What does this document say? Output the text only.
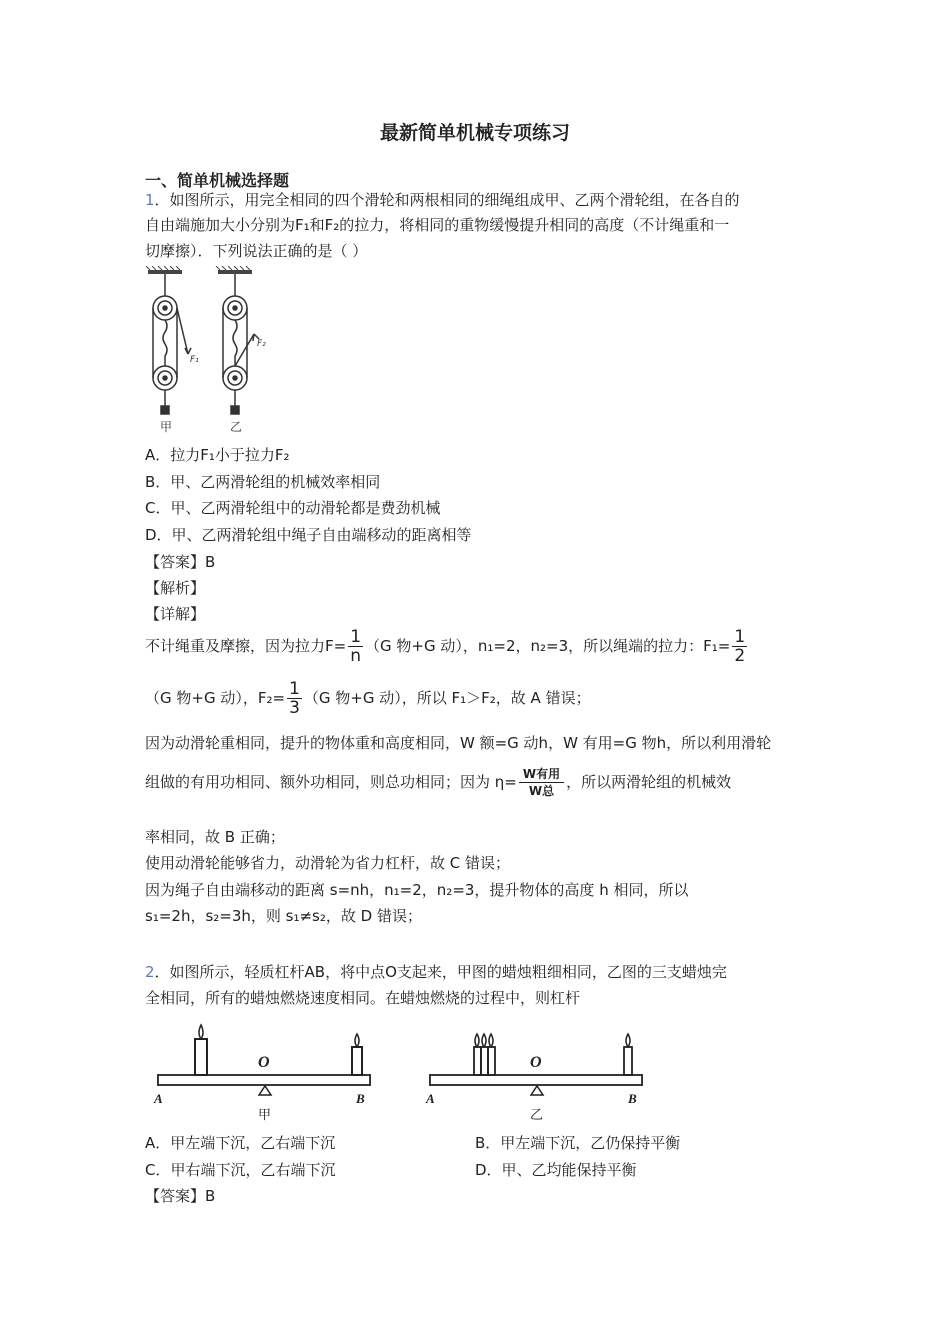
最新简单机械专项练习
一、简单机械选择题
1．如图所示，用完全相同的四个滑轮和两根相同的细绳组成甲、乙两个滑轮组，在各自的
自由端施加大小分别为F₁和F₂的拉力，将相同的重物缓慢提升相同的高度（不计绳重和一
切摩擦）．下列说法正确的是（ ）
F₁
F₂
甲	乙
A．拉力F₁小于拉力F₂
B．甲、乙两滑轮组的机械效率相同
C．甲、乙两滑轮组中的动滑轮都是费劲机械
D．甲、乙两滑轮组中绳子自由端移动的距离相等
【答案】B
【解析】
【详解】
不计绳重及摩擦，因为拉力$F= \frac{1}{n} (G$ 物+G 动），n₁=2，n₂=3，所以绳端的拉力：$F_1= \frac{1}{2}$
（G 物+G 动），$F_2= \frac{1}{3} (G$ 物+G 动），所以 F₁＞F₂，故 A 错误；
因为动滑轮重相同，提升的物体重和高度相同，W 额=G 动h，W 有用=G 物h，所以利用滑轮
组做的有用功相同、额外功相同，则总功相同；因为 η= W有用
W总 ，所以两滑轮组的机械效
率相同，故 B 正确；
使用动滑轮能够省力，动滑轮为省力杠杆，故 C 错误；
因为绳子自由端移动的距离 s=nh，n₁=2，n₂=3，提升物体的高度 h 相同，所以
s₁=2h，s₂=3h，则 s₁≠s₂，故 D 错误；
2．如图所示，轻质杠杆AB，将中点O支起来，甲图的蜡烛粗细相同，乙图的三支蜡烛完
全相同，所有的蜡烛燃烧速度相同。在蜡烛燃烧的过程中，则杠杆
O
A	B
甲
O
A	B
乙
A．甲左端下沉，乙右端下沉	B．甲左端下沉，乙仍保持平衡
C．甲右端下沉，乙右端下沉	D．甲、乙均能保持平衡
【答案】B
